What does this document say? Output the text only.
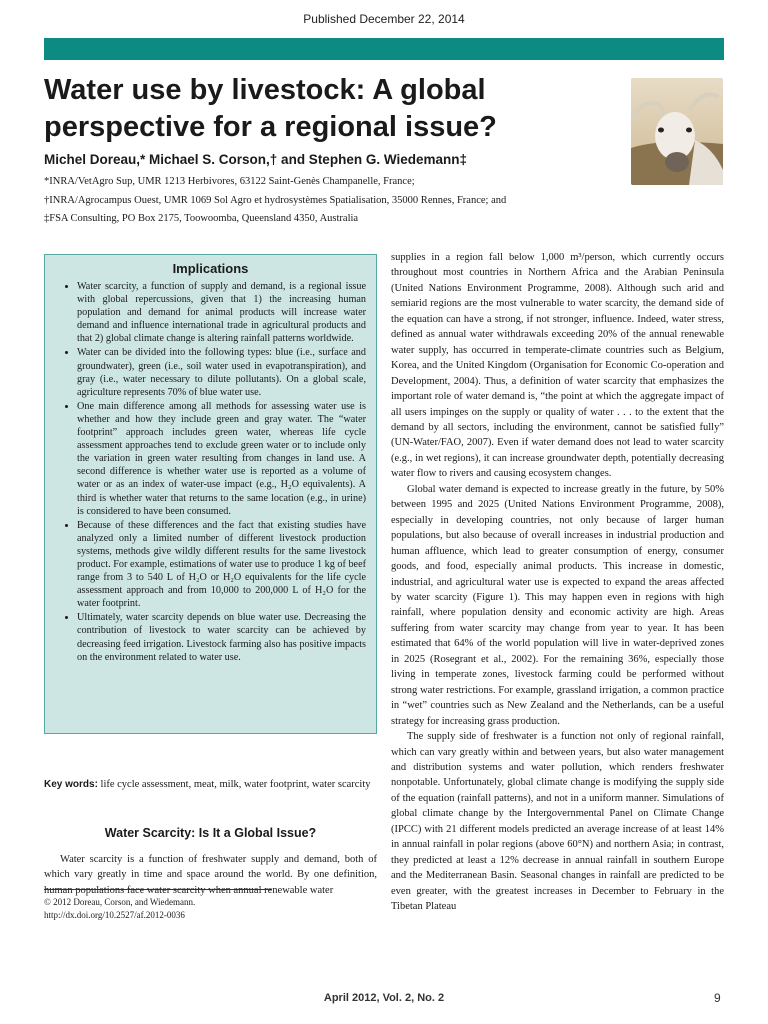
Published December 22, 2014
Water use by livestock: A global
perspective for a regional issue?
Michel Doreau,* Michael S. Corson,† and Stephen G. Wiedemann‡
*INRA/VetAgro Sup, UMR 1213 Herbivores, 63122 Saint-Genès Champanelle, France;
†INRA/Agrocampus Ouest, UMR 1069 Sol Agro et hydrosystèmes Spatialisation, 35000 Rennes, France; and
‡FSA Consulting, PO Box 2175, Toowoomba, Queensland 4350, Australia
Implications
• Water scarcity, a function of supply and demand, is a regional issue with global repercussions, given that 1) the increasing human population and demand for animal products will increase water demand and influence international trade in agricultural products and that 2) global climate change is altering rainfall patterns worldwide.
• Water can be divided into the following types: blue (i.e., surface and groundwater), green (i.e., soil water used in evapotranspiration), and gray (i.e., water necessary to dilute pollutants). On a global scale, agriculture represents 70% of blue water use.
• One main difference among all methods for assessing water use is whether and how they include green and gray water. The “water footprint” approach includes green water, whereas life cycle assessment approaches tend to exclude green water or to include only the variation in green water resulting from changes in land use. A second difference is whether water use is reported as a volume of water or as an index of water-use impact (e.g., H₂O equivalents). A third is whether water that returns to the same location (e.g., in urine) is considered to have been consumed.
• Because of these differences and the fact that existing studies have analyzed only a limited number of different livestock production systems, methods give wildly different results for the same livestock product. For example, estimations of water use to produce 1 kg of beef range from 3 to 540 L of H₂O or H₂O equivalents for the life cycle assessment approach and from 10,000 to 200,000 L of H₂O for the water footprint.
• Ultimately, water scarcity depends on blue water use. Decreasing the contribution of livestock to water scarcity can be achieved by decreasing feed irrigation. Livestock farming also has positive impacts on the environment related to water use.
Key words: life cycle assessment, meat, milk, water footprint, water scarcity
Water Scarcity: Is It a Global Issue?

Water scarcity is a function of freshwater supply and demand, both of which vary greatly in time and space around the world. By one definition, human populations face water scarcity when annual renewable water

© 2012 Doreau, Corson, and Wiedemann.
http://dx.doi.org/10.2527/af.2012-0036

supplies in a region fall below 1,000 m³/person, which currently occurs throughout most countries in Northern Africa and the Arabian Peninsula (United Nations Environment Programme, 2008). Although such arid and semiarid regions are the most vulnerable to water scarcity, the demand side of the equation can have a strong, if not stronger, influence. Indeed, water stress, defined as annual water withdrawals exceeding 20% of the annual renewable water supply, has occurred in temperate-climate countries such as Belgium, Korea, and the United Kingdom (Organisation for Economic Co-operation and Development, 2004). Thus, a definition of water scarcity that emphasizes the important role of water demand is, “the point at which the aggregate impact of all users impinges on the supply or quality of water . . . to the extent that the demand by all sectors, including the environment, cannot be satisfied fully” (UN-Water/FAO, 2007). Even if water demand does not lead to water scarcity (e.g., in wet regions), it can increase groundwater depth, potentially decreasing water flow to rivers and causing ecosystem changes.

Global water demand is expected to increase greatly in the future, by 50% between 1995 and 2025 (United Nations Environment Programme, 2008), especially in developing countries, not only because of larger human populations, but also because of overall increases in industrial production and human affluence, which lead to greater consumption of energy, consumer goods, and food, especially animal products. This increase in domestic, industrial, and agricultural water use is expected to expand the areas affected by water scarcity (Figure 1). This may happen even in regions with high rainfall, where population density and economic activity are high. Areas suffering from water scarcity may change from year to year. It has been estimated that 64% of the world population will live in water-deprived zones in 2025 (Rosegrant et al., 2002). For the remaining 36%, especially those living in temperate zones, livestock farming could be performed without strong water restrictions. For example, grassland irrigation, a common practice in “wet” countries such as New Zealand and the Netherlands, can be a useful strategy for increasing grass production.

The supply side of freshwater is a function not only of regional rainfall, which can vary greatly within and between years, but also water management and distribution systems and water pollution, which renders freshwater nonpotable. Unfortunately, global climate change is modifying the supply side of the equation (rainfall patterns), and not in a uniform manner. Simulations of global climate change by the Intergovernmental Panel on Climate Change (IPCC) with 21 different models predicted an average increase of at least 14% in annual rainfall in polar regions (above 60°N) and northern Asia; in contrast, they predicted at least a 12% decrease in annual rainfall in southern Europe and the Mediterranean Basin. Seasonal changes in rainfall are predicted to be even greater, with the greatest increases in December to February in the Tibetan Plateau

April 2012, Vol. 2, No. 2	9
